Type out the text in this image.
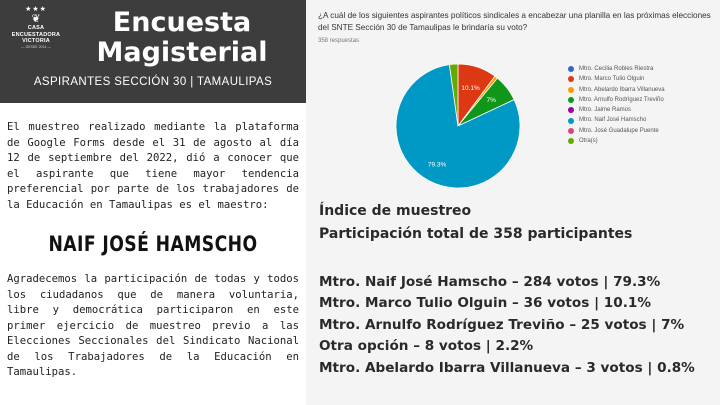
★★★
❦
CASA
ENCUESTADORA
VICTORIA
— DESDE 2014 —
Encuesta
Magisterial
ASPIRANTES SECCIÓN 30 | TAMAULIPAS

El muestreo realizado mediante la plataforma de Google Forms desde el 31 de agosto al día 12 de septiembre del 2022, dió a conocer que el aspirante que tiene mayor tendencia preferencial por parte de los trabajadores de la Educación en Tamaulipas es el maestro:

NAIF JOSÉ HAMSCHO

Agradecemos la participación de todas y todos los ciudadanos que de manera voluntaria, libre y democrática participaron en este primer ejercicio de muestreo previo a las Elecciones Seccionales del Sindicato Nacional de los Trabajadores de la Educación en Tamaulipas.

¿A cuál de los siguientes aspirantes políticos sindicales a encabezar una planilla en las próximas elecciones del SNTE Sección 30 de Tamaulipas le brindaría su voto?
358 respuestas
79.3%
10.1%
7%
Mtro. Cecilia Robles Riestra
Mtro. Marco Tulio Olguin
Mtro. Abelardo Ibarra Villanueva
Mtro. Arnulfo Rodríguez Treviño
Mtro. Jaime Ramos
Mtro. Naif José Hamscho
Mtro. José Guadalupe Puente
Otra(s)
Índice de muestreo
Participación total de 358 participantes
Mtro. Naif José Hamscho – 284 votos | 79.3%
Mtro. Marco Tulio Olguin – 36 votos | 10.1%
Mtro. Arnulfo Rodríguez Treviño – 25 votos | 7%
Otra opción – 8 votos | 2.2%
Mtro. Abelardo Ibarra Villanueva – 3 votos | 0.8%
